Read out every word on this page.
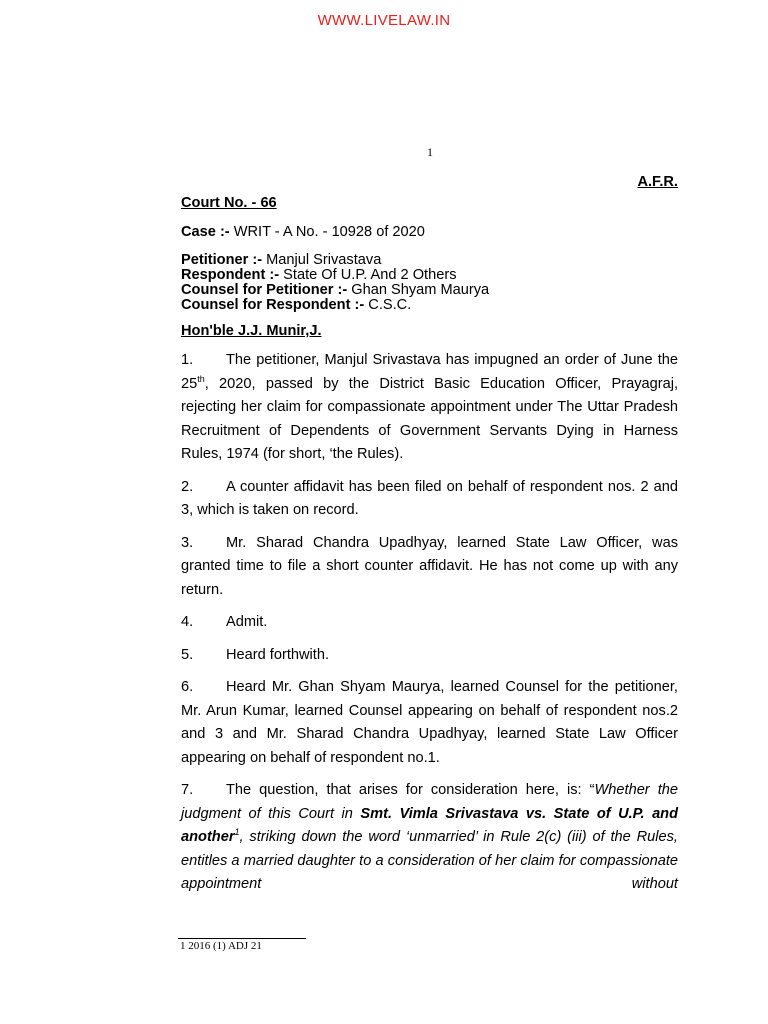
WWW.LIVELAW.IN
1
A.F.R.
Court No. - 66
Case :- WRIT - A No. - 10928 of 2020
Petitioner :- Manjul Srivastava
Respondent :- State Of U.P. And 2 Others
Counsel for Petitioner :- Ghan Shyam Maurya
Counsel for Respondent :- C.S.C.
Hon'ble J.J. Munir,J.

1. The petitioner, Manjul Srivastava has impugned an order of June the 25th, 2020, passed by the District Basic Education Officer, Prayagraj, rejecting her claim for compassionate appointment under The Uttar Pradesh Recruitment of Dependents of Government Servants Dying in Harness Rules, 1974 (for short, ‘the Rules).

2. A counter affidavit has been filed on behalf of respondent nos. 2 and 3, which is taken on record.

3. Mr. Sharad Chandra Upadhyay, learned State Law Officer, was granted time to file a short counter affidavit. He has not come up with any return.

4. Admit.

5. Heard forthwith.

6. Heard Mr. Ghan Shyam Maurya, learned Counsel for the petitioner, Mr. Arun Kumar, learned Counsel appearing on behalf of respondent nos.2 and 3 and Mr. Sharad Chandra Upadhyay, learned State Law Officer appearing on behalf of respondent no.1.

7. The question, that arises for consideration here, is: “Whether the judgment of this Court in Smt. Vimla Srivastava vs. State of U.P. and another$^1$, striking down the word ‘unmarried’ in Rule 2(c) (iii) of the Rules, entitles a married daughter to a consideration of her claim for compassionate appointment without

1 2016 (1) ADJ 21
